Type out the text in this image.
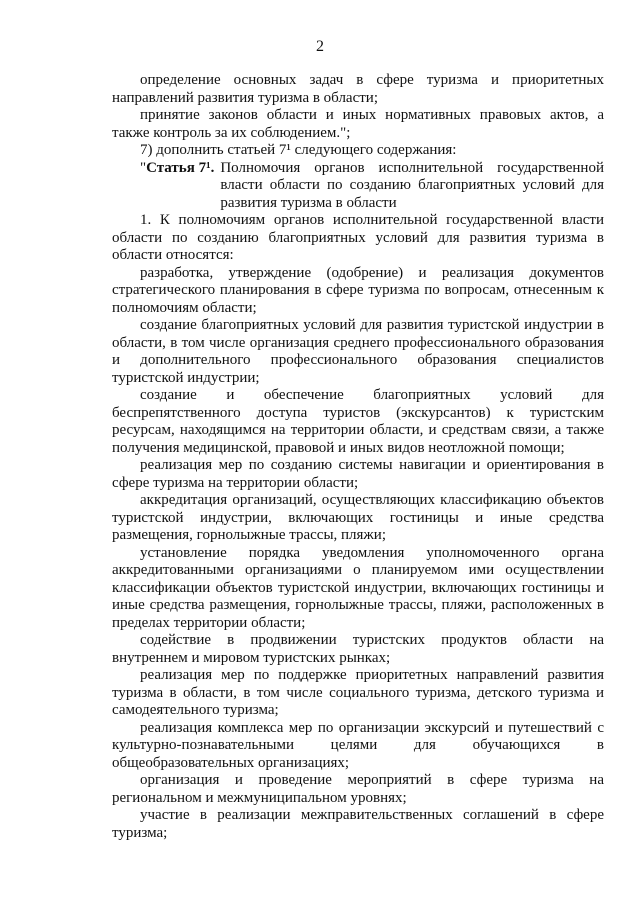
2

определение основных задач в сфере туризма и приоритетных направлений развития туризма в области;

принятие законов области и иных нормативных правовых актов, а также контроль за их соблюдением.";

7) дополнить статьей 7¹ следующего содержания:

"Статья 7¹. Полномочия органов исполнительной государственной власти области по созданию благоприятных условий для развития туризма в области

1. К полномочиям органов исполнительной государственной власти области по созданию благоприятных условий для развития туризма в области относятся:

разработка, утверждение (одобрение) и реализация документов стратегического планирования в сфере туризма по вопросам, отнесенным к полномочиям области;

создание благоприятных условий для развития туристской индустрии в области, в том числе организация среднего профессионального образования и дополнительного профессионального образования специалистов туристской индустрии;

создание и обеспечение благоприятных условий для беспрепятственного доступа туристов (экскурсантов) к туристским ресурсам, находящимся на территории области, и средствам связи, а также получения медицинской, правовой и иных видов неотложной помощи;

реализация мер по созданию системы навигации и ориентирования в сфере туризма на территории области;

аккредитация организаций, осуществляющих классификацию объектов туристской индустрии, включающих гостиницы и иные средства размещения, горнолыжные трассы, пляжи;

установление порядка уведомления уполномоченного органа аккредитованными организациями о планируемом ими осуществлении классификации объектов туристской индустрии, включающих гостиницы и иные средства размещения, горнолыжные трассы, пляжи, расположенных в пределах территории области;

содействие в продвижении туристских продуктов области на внутреннем и мировом туристских рынках;

реализация мер по поддержке приоритетных направлений развития туризма в области, в том числе социального туризма, детского туризма и самодеятельного туризма;

реализация комплекса мер по организации экскурсий и путешествий с культурно-познавательными целями для обучающихся в общеобразовательных организациях;

организация и проведение мероприятий в сфере туризма на региональном и межмуниципальном уровнях;

участие в реализации межправительственных соглашений в сфере туризма;
